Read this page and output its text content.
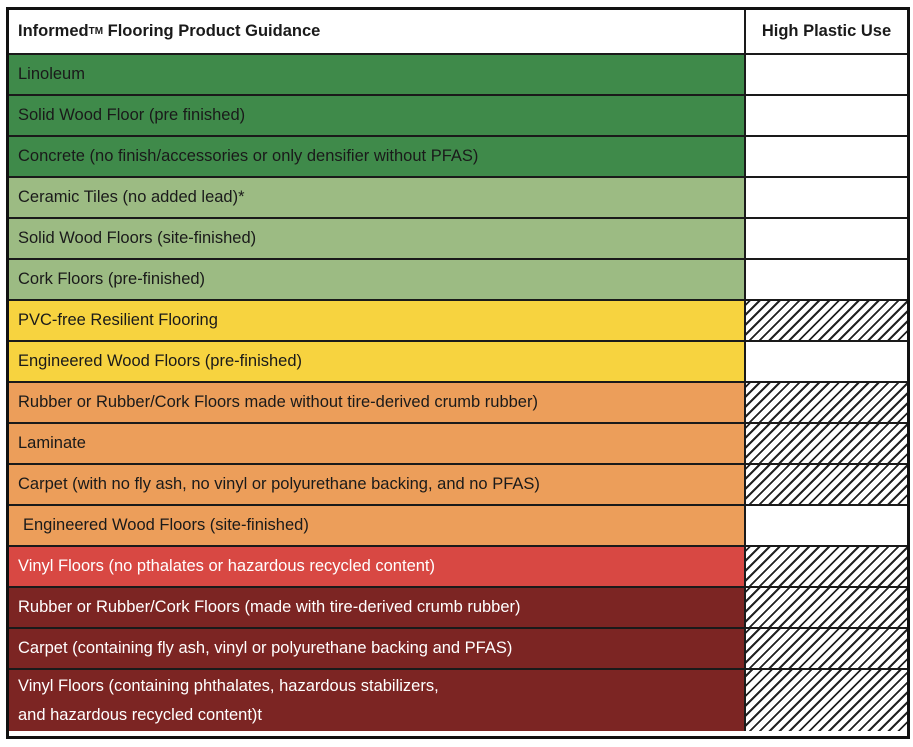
Informed TM Flooring Product Guidance	High Plastic Use
Linoleum
Solid Wood Floor (pre finished)
Concrete (no finish/accessories or only densifier without PFAS)
Ceramic Tiles (no added lead)*
Solid Wood Floors (site-finished)
Cork Floors (pre-finished)
PVC-free Resilient Flooring
Engineered Wood Floors (pre-finished)
Rubber or Rubber/Cork Floors made without tire-derived crumb rubber)
Laminate
Carpet (with no fly ash, no vinyl or polyurethane backing, and no PFAS)
Engineered Wood Floors (site-finished)
Vinyl Floors (no pthalates or hazardous recycled content)
Rubber or Rubber/Cork Floors (made with tire-derived crumb rubber)
Carpet (containing fly ash, vinyl or polyurethane backing and PFAS)
Vinyl Floors (containing phthalates, hazardous stabilizers,
and hazardous recycled content)t
